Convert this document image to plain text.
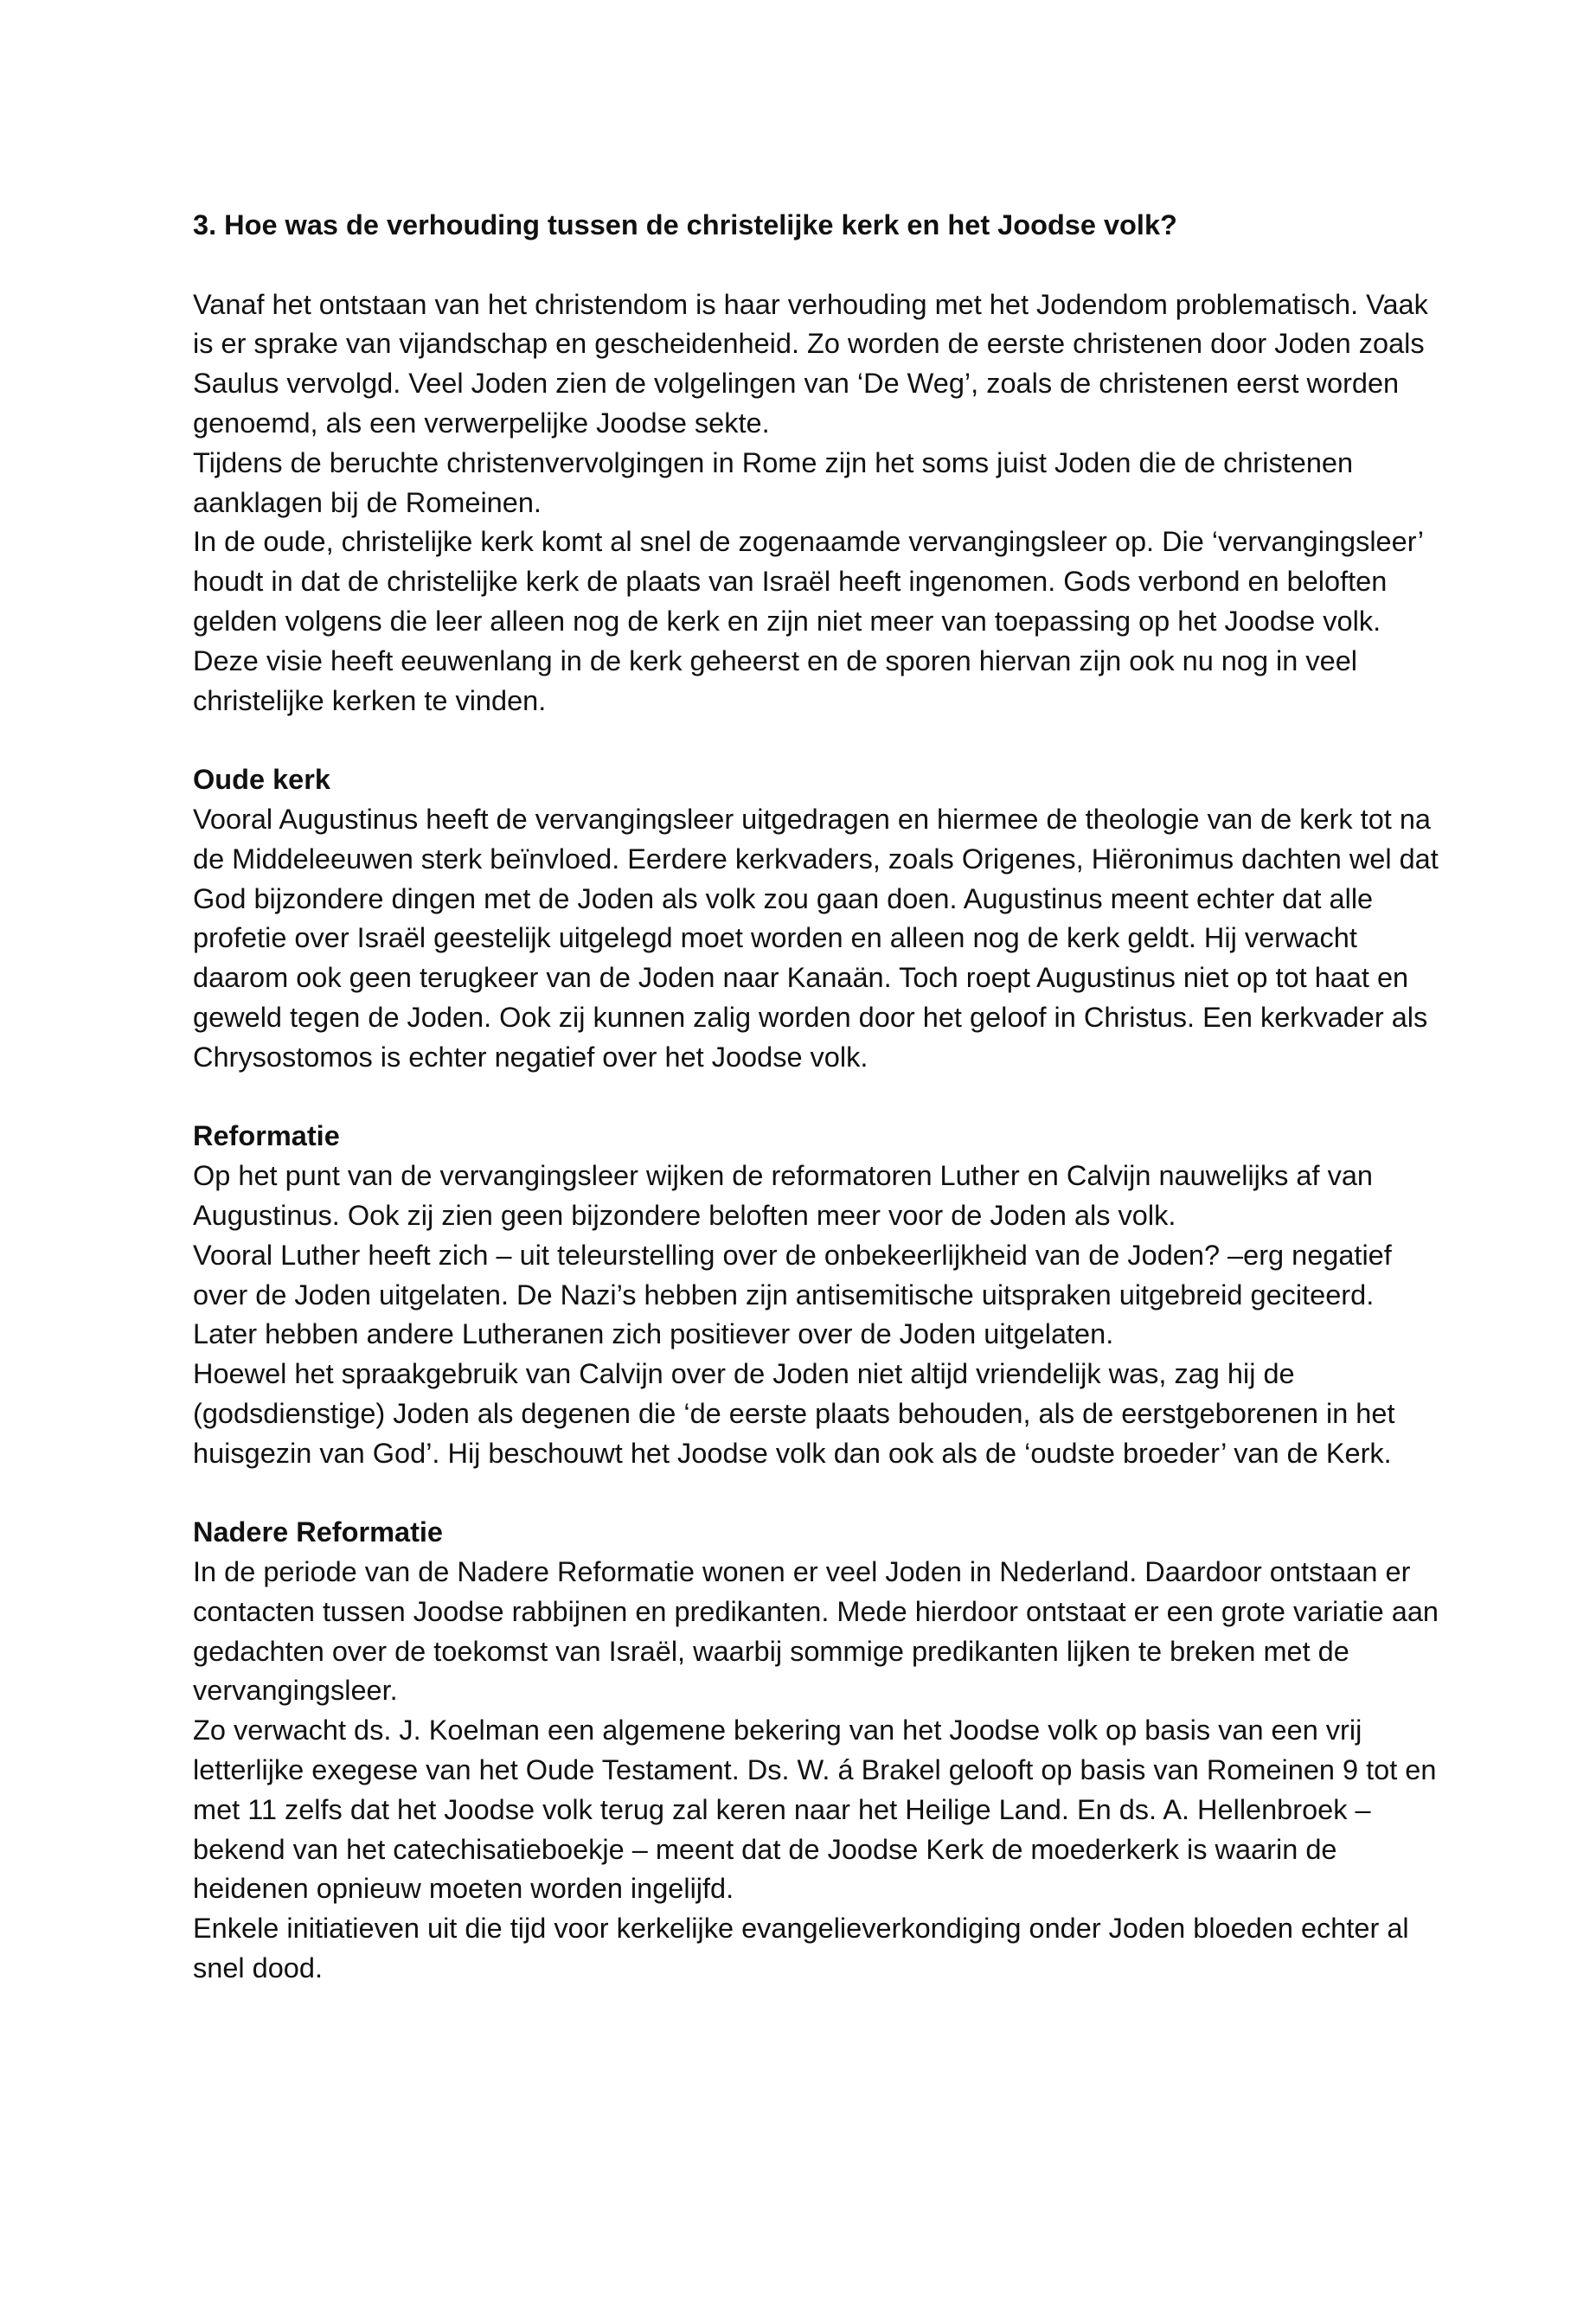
3. Hoe was de verhouding tussen de christelijke kerk en het Joodse volk?

Vanaf het ontstaan van het christendom is haar verhouding met het Jodendom problematisch. Vaak is er sprake van vijandschap en gescheidenheid. Zo worden de eerste christenen door Joden zoals Saulus vervolgd. Veel Joden zien de volgelingen van ‘De Weg’, zoals de christenen eerst worden genoemd, als een verwerpelijke Joodse sekte.

Tijdens de beruchte christenvervolgingen in Rome zijn het soms juist Joden die de christenen aanklagen bij de Romeinen.

In de oude, christelijke kerk komt al snel de zogenaamde vervangingsleer op. Die ‘vervangingsleer’ houdt in dat de christelijke kerk de plaats van Israël heeft ingenomen. Gods verbond en beloften gelden volgens die leer alleen nog de kerk en zijn niet meer van toepassing op het Joodse volk. Deze visie heeft eeuwenlang in de kerk geheerst en de sporen hiervan zijn ook nu nog in veel christelijke kerken te vinden.

Oude kerk

Vooral Augustinus heeft de vervangingsleer uitgedragen en hiermee de theologie van de kerk tot na de Middeleeuwen sterk beïnvloed. Eerdere kerkvaders, zoals Origenes, Hiëronimus dachten wel dat God bijzondere dingen met de Joden als volk zou gaan doen. Augustinus meent echter dat alle profetie over Israël geestelijk uitgelegd moet worden en alleen nog de kerk geldt. Hij verwacht daarom ook geen terugkeer van de Joden naar Kanaän. Toch roept Augustinus niet op tot haat en geweld tegen de Joden. Ook zij kunnen zalig worden door het geloof in Christus. Een kerkvader als Chrysostomos is echter negatief over het Joodse volk.

Reformatie

Op het punt van de vervangingsleer wijken de reformatoren Luther en Calvijn nauwelijks af van Augustinus. Ook zij zien geen bijzondere beloften meer voor de Joden als volk.

Vooral Luther heeft zich – uit teleurstelling over de onbekeerlijkheid van de Joden? –erg negatief over de Joden uitgelaten. De Nazi’s hebben zijn antisemitische uitspraken uitgebreid geciteerd. Later hebben andere Lutheranen zich positiever over de Joden uitgelaten.

Hoewel het spraakgebruik van Calvijn over de Joden niet altijd vriendelijk was, zag hij de (godsdienstige) Joden als degenen die ‘de eerste plaats behouden, als de eerstgeborenen in het huisgezin van God’. Hij beschouwt het Joodse volk dan ook als de ‘oudste broeder’ van de Kerk.

Nadere Reformatie

In de periode van de Nadere Reformatie wonen er veel Joden in Nederland. Daardoor ontstaan er contacten tussen Joodse rabbijnen en predikanten. Mede hierdoor ontstaat er een grote variatie aan gedachten over de toekomst van Israël, waarbij sommige predikanten lijken te breken met de vervangingsleer.

Zo verwacht ds. J. Koelman een algemene bekering van het Joodse volk op basis van een vrij letterlijke exegese van het Oude Testament. Ds. W. á Brakel gelooft op basis van Romeinen 9 tot en met 11 zelfs dat het Joodse volk terug zal keren naar het Heilige Land. En ds. A. Hellenbroek – bekend van het catechisatieboekje – meent dat de Joodse Kerk de moederkerk is waarin de heidenen opnieuw moeten worden ingelijfd.

Enkele initiatieven uit die tijd voor kerkelijke evangelieverkondiging onder Joden bloeden echter al snel dood.
